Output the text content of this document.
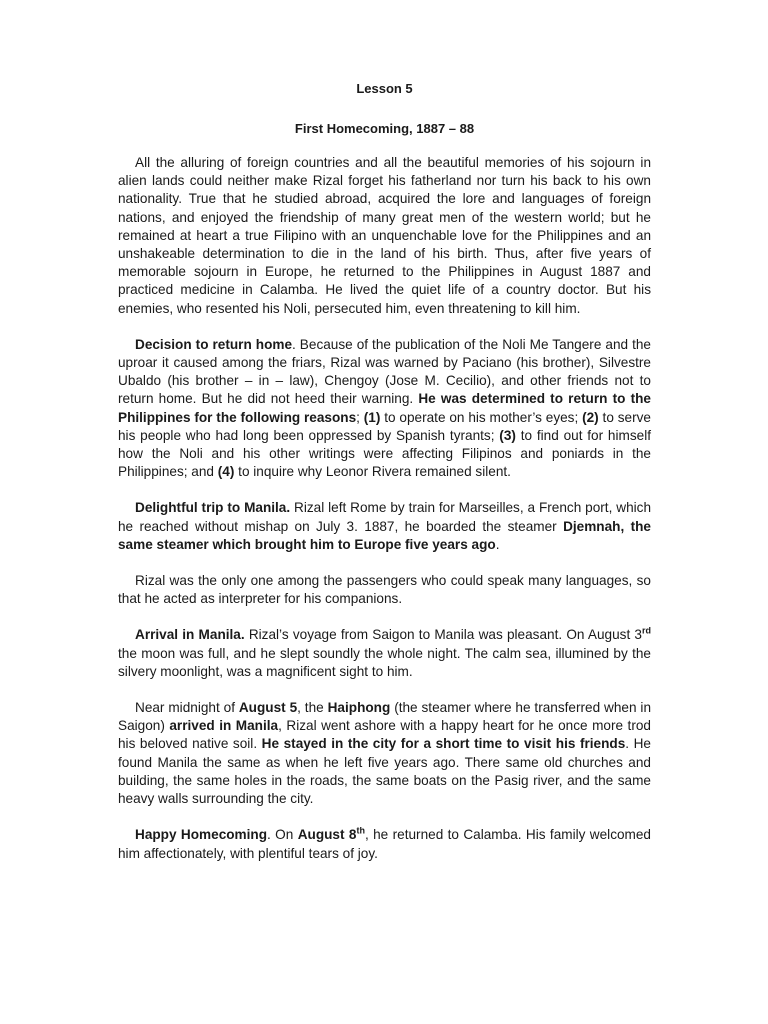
Lesson 5
First Homecoming, 1887 – 88

All the alluring of foreign countries and all the beautiful memories of his sojourn in alien lands could neither make Rizal forget his fatherland nor turn his back to his own nationality. True that he studied abroad, acquired the lore and languages of foreign nations, and enjoyed the friendship of many great men of the western world; but he remained at heart a true Filipino with an unquenchable love for the Philippines and an unshakeable determination to die in the land of his birth. Thus, after five years of memorable sojourn in Europe, he returned to the Philippines in August 1887 and practiced medicine in Calamba. He lived the quiet life of a country doctor. But his enemies, who resented his Noli, persecuted him, even threatening to kill him.

Decision to return home. Because of the publication of the Noli Me Tangere and the uproar it caused among the friars, Rizal was warned by Paciano (his brother), Silvestre Ubaldo (his brother – in – law), Chengoy (Jose M. Cecilio), and other friends not to return home. But he did not heed their warning. He was determined to return to the Philippines for the following reasons; (1) to operate on his mother’s eyes; (2) to serve his people who had long been oppressed by Spanish tyrants; (3) to find out for himself how the Noli and his other writings were affecting Filipinos and poniards in the Philippines; and (4) to inquire why Leonor Rivera remained silent.

Delightful trip to Manila. Rizal left Rome by train for Marseilles, a French port, which he reached without mishap on July 3. 1887, he boarded the steamer Djemnah, the same steamer which brought him to Europe five years ago.

Rizal was the only one among the passengers who could speak many languages, so that he acted as interpreter for his companions.

Arrival in Manila. Rizal’s voyage from Saigon to Manila was pleasant. On August 3rd the moon was full, and he slept soundly the whole night. The calm sea, illumined by the silvery moonlight, was a magnificent sight to him.

Near midnight of August 5, the Haiphong (the steamer where he transferred when in Saigon) arrived in Manila, Rizal went ashore with a happy heart for he once more trod his beloved native soil. He stayed in the city for a short time to visit his friends. He found Manila the same as when he left five years ago. There same old churches and building, the same holes in the roads, the same boats on the Pasig river, and the same heavy walls surrounding the city.

Happy Homecoming. On August 8th, he returned to Calamba. His family welcomed him affectionately, with plentiful tears of joy.
